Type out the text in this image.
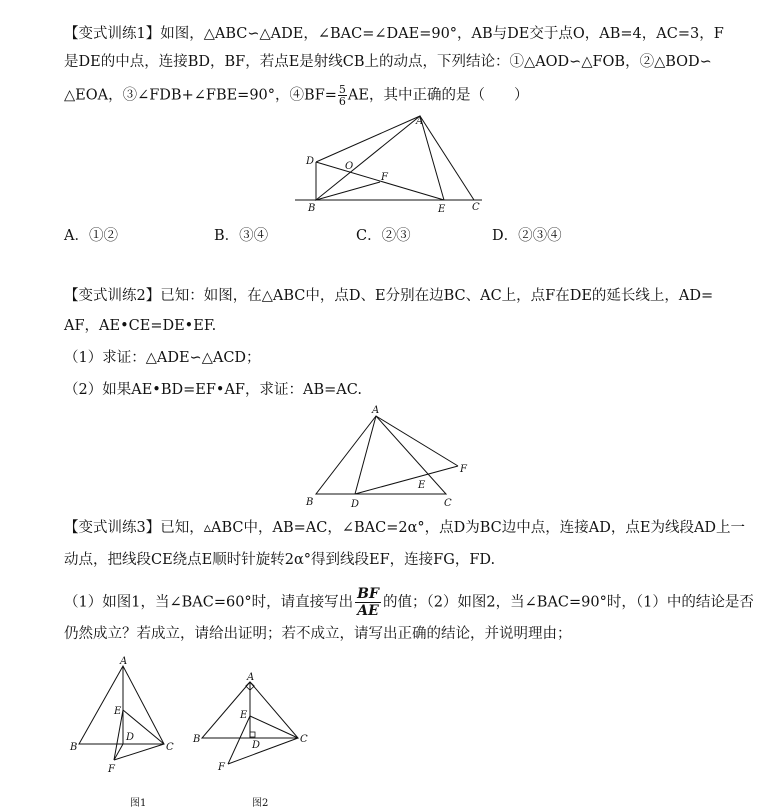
【变式训练1】如图，△ABC∽△ADE，∠BAC=∠DAE=90°，AB与DE交于点O，AB=4，AC=3，F
是DE的中点，连接BD，BF，若点E是射线CB上的动点，下列结论：①△AOD∽△FOB，②△BOD∽
△EOA，③∠FDB+∠FBE=90°，④BF= $\frac{5}{6}$ AE，其中正确的是（　　）
A
D	O
F
B	E	C
A．①②	B．③④	C．②③	D．②③④
【变式训练2】已知：如图，在△ABC中，点D、E分别在边BC、AC上，点F在DE的延长线上，AD=
AF，AE•CE=DE•EF.
（1）求证：△ADE∽△ACD；
（2）如果AE•BD=EF•AF，求证：AB=AC.
A
B	D
E
C
F
【变式训练3】已知，▵ABC中，AB=AC，∠BAC=2α°，点D为BC边中点，连接AD，点E为线段AD上一
动点，把线段CE绕点E顺时针旋转2α°得到线段EF，连接FG，FD.
（1）如图1，当∠BAC=60°时，请直接写出 $\frac{BF}{AE}$ 的值；（2）如图2，当∠BAC=90°时，（1）中的结论是否
仍然成立？若成立，请给出证明；若不成立，请写出正确的结论，并说明理由；
A
E
D
B	C
F
图1
A
E
D
B	C
F
图2
